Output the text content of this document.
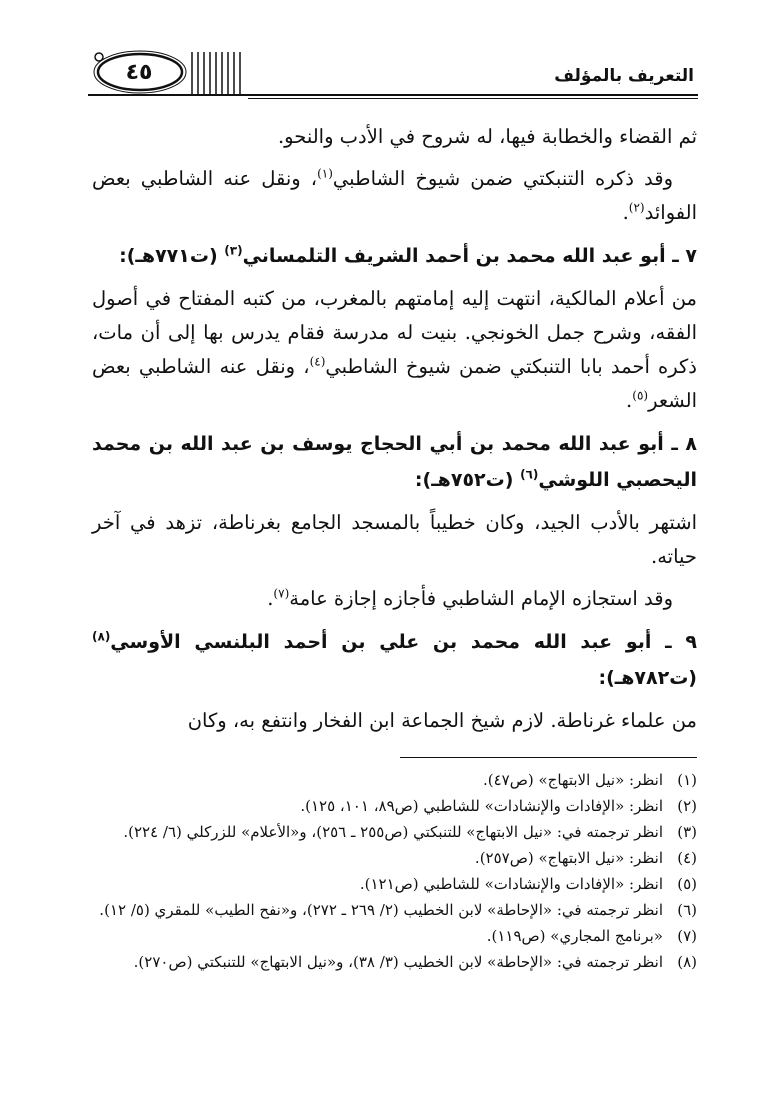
٤٥	التعريف بالمؤلف

ثم القضاء والخطابة فيها، له شروح في الأدب والنحو.

وقد ذكره التنبكتي ضمن شيوخ الشاطبي$^{(١)}$، ونقل عنه الشاطبي بعض الفوائد$^{(٢)}$.

٧ ـ أبو عبد الله محمد بن أحمد الشريف التلمساني$^{(٣)}$ (ت٧٧١هـ):

من أعلام المالكية، انتهت إليه إمامتهم بالمغرب، من كتبه المفتاح في أصول الفقه، وشرح جمل الخونجي. بنيت له مدرسة فقام يدرس بها إلى أن مات، ذكره أحمد بابا التنبكتي ضمن شيوخ الشاطبي$^{(٤)}$، ونقل عنه الشاطبي بعض الشعر$^{(٥)}$.

٨ ـ أبو عبد الله محمد بن أبي الحجاج يوسف بن عبد الله بن محمد اليحصبي اللوشي$^{(٦)}$ (ت٧٥٢هـ):

اشتهر بالأدب الجيد، وكان خطيباً بالمسجد الجامع بغرناطة، تزهد في آخر حياته.

وقد استجازه الإمام الشاطبي فأجازه إجازة عامة$^{(٧)}$.

٩ ـ أبو عبد الله محمد بن علي بن أحمد البلنسي الأوسي$^{(٨)}$ (ت٧٨٢هـ):

من علماء غرناطة. لازم شيخ الجماعة ابن الفخار وانتفع به، وكان

(١)
انظر: «نيل الابتهاج» (ص٤٧).
(٢)
انظر: «الإفادات والإنشادات» للشاطبي (ص٨٩، ١٠١، ١٢٥).
(٣)
انظر ترجمته في: «نيل الابتهاج» للتنبكتي (ص٢٥٥ ـ ٢٥٦)، و«الأعلام» للزركلي (٦/ ٢٢٤).
(٤)
انظر: «نيل الابتهاج» (ص٢٥٧).
(٥)
انظر: «الإفادات والإنشادات» للشاطبي (ص١٢١).
(٦)
انظر ترجمته في: «الإحاطة» لابن الخطيب (٢/ ٢٦٩ ـ ٢٧٢)، و«نفح الطيب» للمقري (٥/ ١٢).
(٧)
«برنامج المجاري» (ص١١٩).
(٨)
انظر ترجمته في: «الإحاطة» لابن الخطيب (٣/ ٣٨)، و«نيل الابتهاج» للتنبكتي (ص٢٧٠).
